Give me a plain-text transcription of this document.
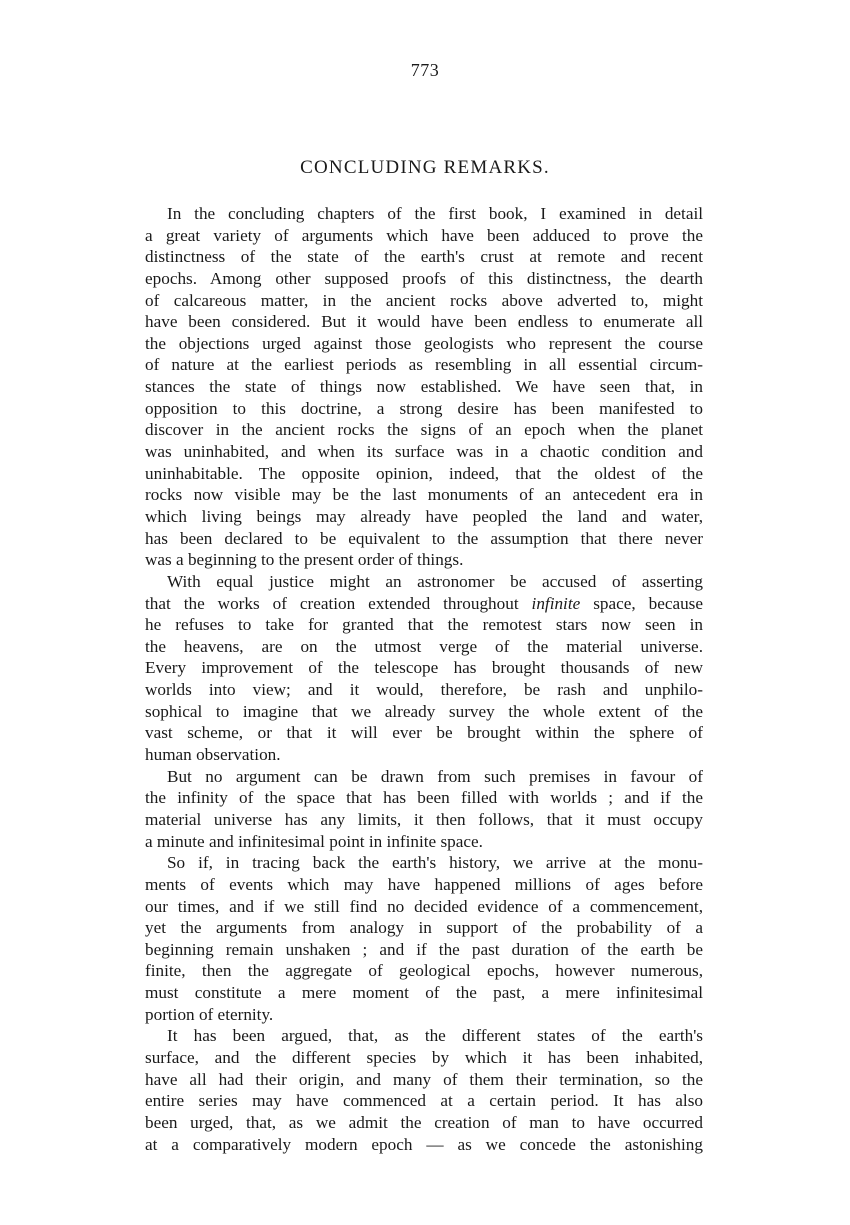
773
CONCLUDING REMARKS.
In the concluding chapters of the first book, I examined in detail
a great variety of arguments which have been adduced to prove the
distinctness of the state of the earth's crust at remote and recent
epochs. Among other supposed proofs of this distinctness, the dearth
of calcareous matter, in the ancient rocks above adverted to, might
have been considered. But it would have been endless to enumerate all
the objections urged against those geologists who represent the course
of nature at the earliest periods as resembling in all essential circum-
stances the state of things now established. We have seen that, in
opposition to this doctrine, a strong desire has been manifested to
discover in the ancient rocks the signs of an epoch when the planet
was uninhabited, and when its surface was in a chaotic condition and
uninhabitable. The opposite opinion, indeed, that the oldest of the
rocks now visible may be the last monuments of an antecedent era in
which living beings may already have peopled the land and water,
has been declared to be equivalent to the assumption that there never
was a beginning to the present order of things.
With equal justice might an astronomer be accused of asserting
that the works of creation extended throughout infinite space, because
he refuses to take for granted that the remotest stars now seen in
the heavens, are on the utmost verge of the material universe.
Every improvement of the telescope has brought thousands of new
worlds into view; and it would, therefore, be rash and unphilo-
sophical to imagine that we already survey the whole extent of the
vast scheme, or that it will ever be brought within the sphere of
human observation.
But no argument can be drawn from such premises in favour of
the infinity of the space that has been filled with worlds ; and if the
material universe has any limits, it then follows, that it must occupy
a minute and infinitesimal point in infinite space.
So if, in tracing back the earth's history, we arrive at the monu-
ments of events which may have happened millions of ages before
our times, and if we still find no decided evidence of a commencement,
yet the arguments from analogy in support of the probability of a
beginning remain unshaken ; and if the past duration of the earth be
finite, then the aggregate of geological epochs, however numerous,
must constitute a mere moment of the past, a mere infinitesimal
portion of eternity.
It has been argued, that, as the different states of the earth's
surface, and the different species by which it has been inhabited,
have all had their origin, and many of them their termination, so the
entire series may have commenced at a certain period. It has also
been urged, that, as we admit the creation of man to have occurred
at a comparatively modern epoch — as we concede the astonishing
